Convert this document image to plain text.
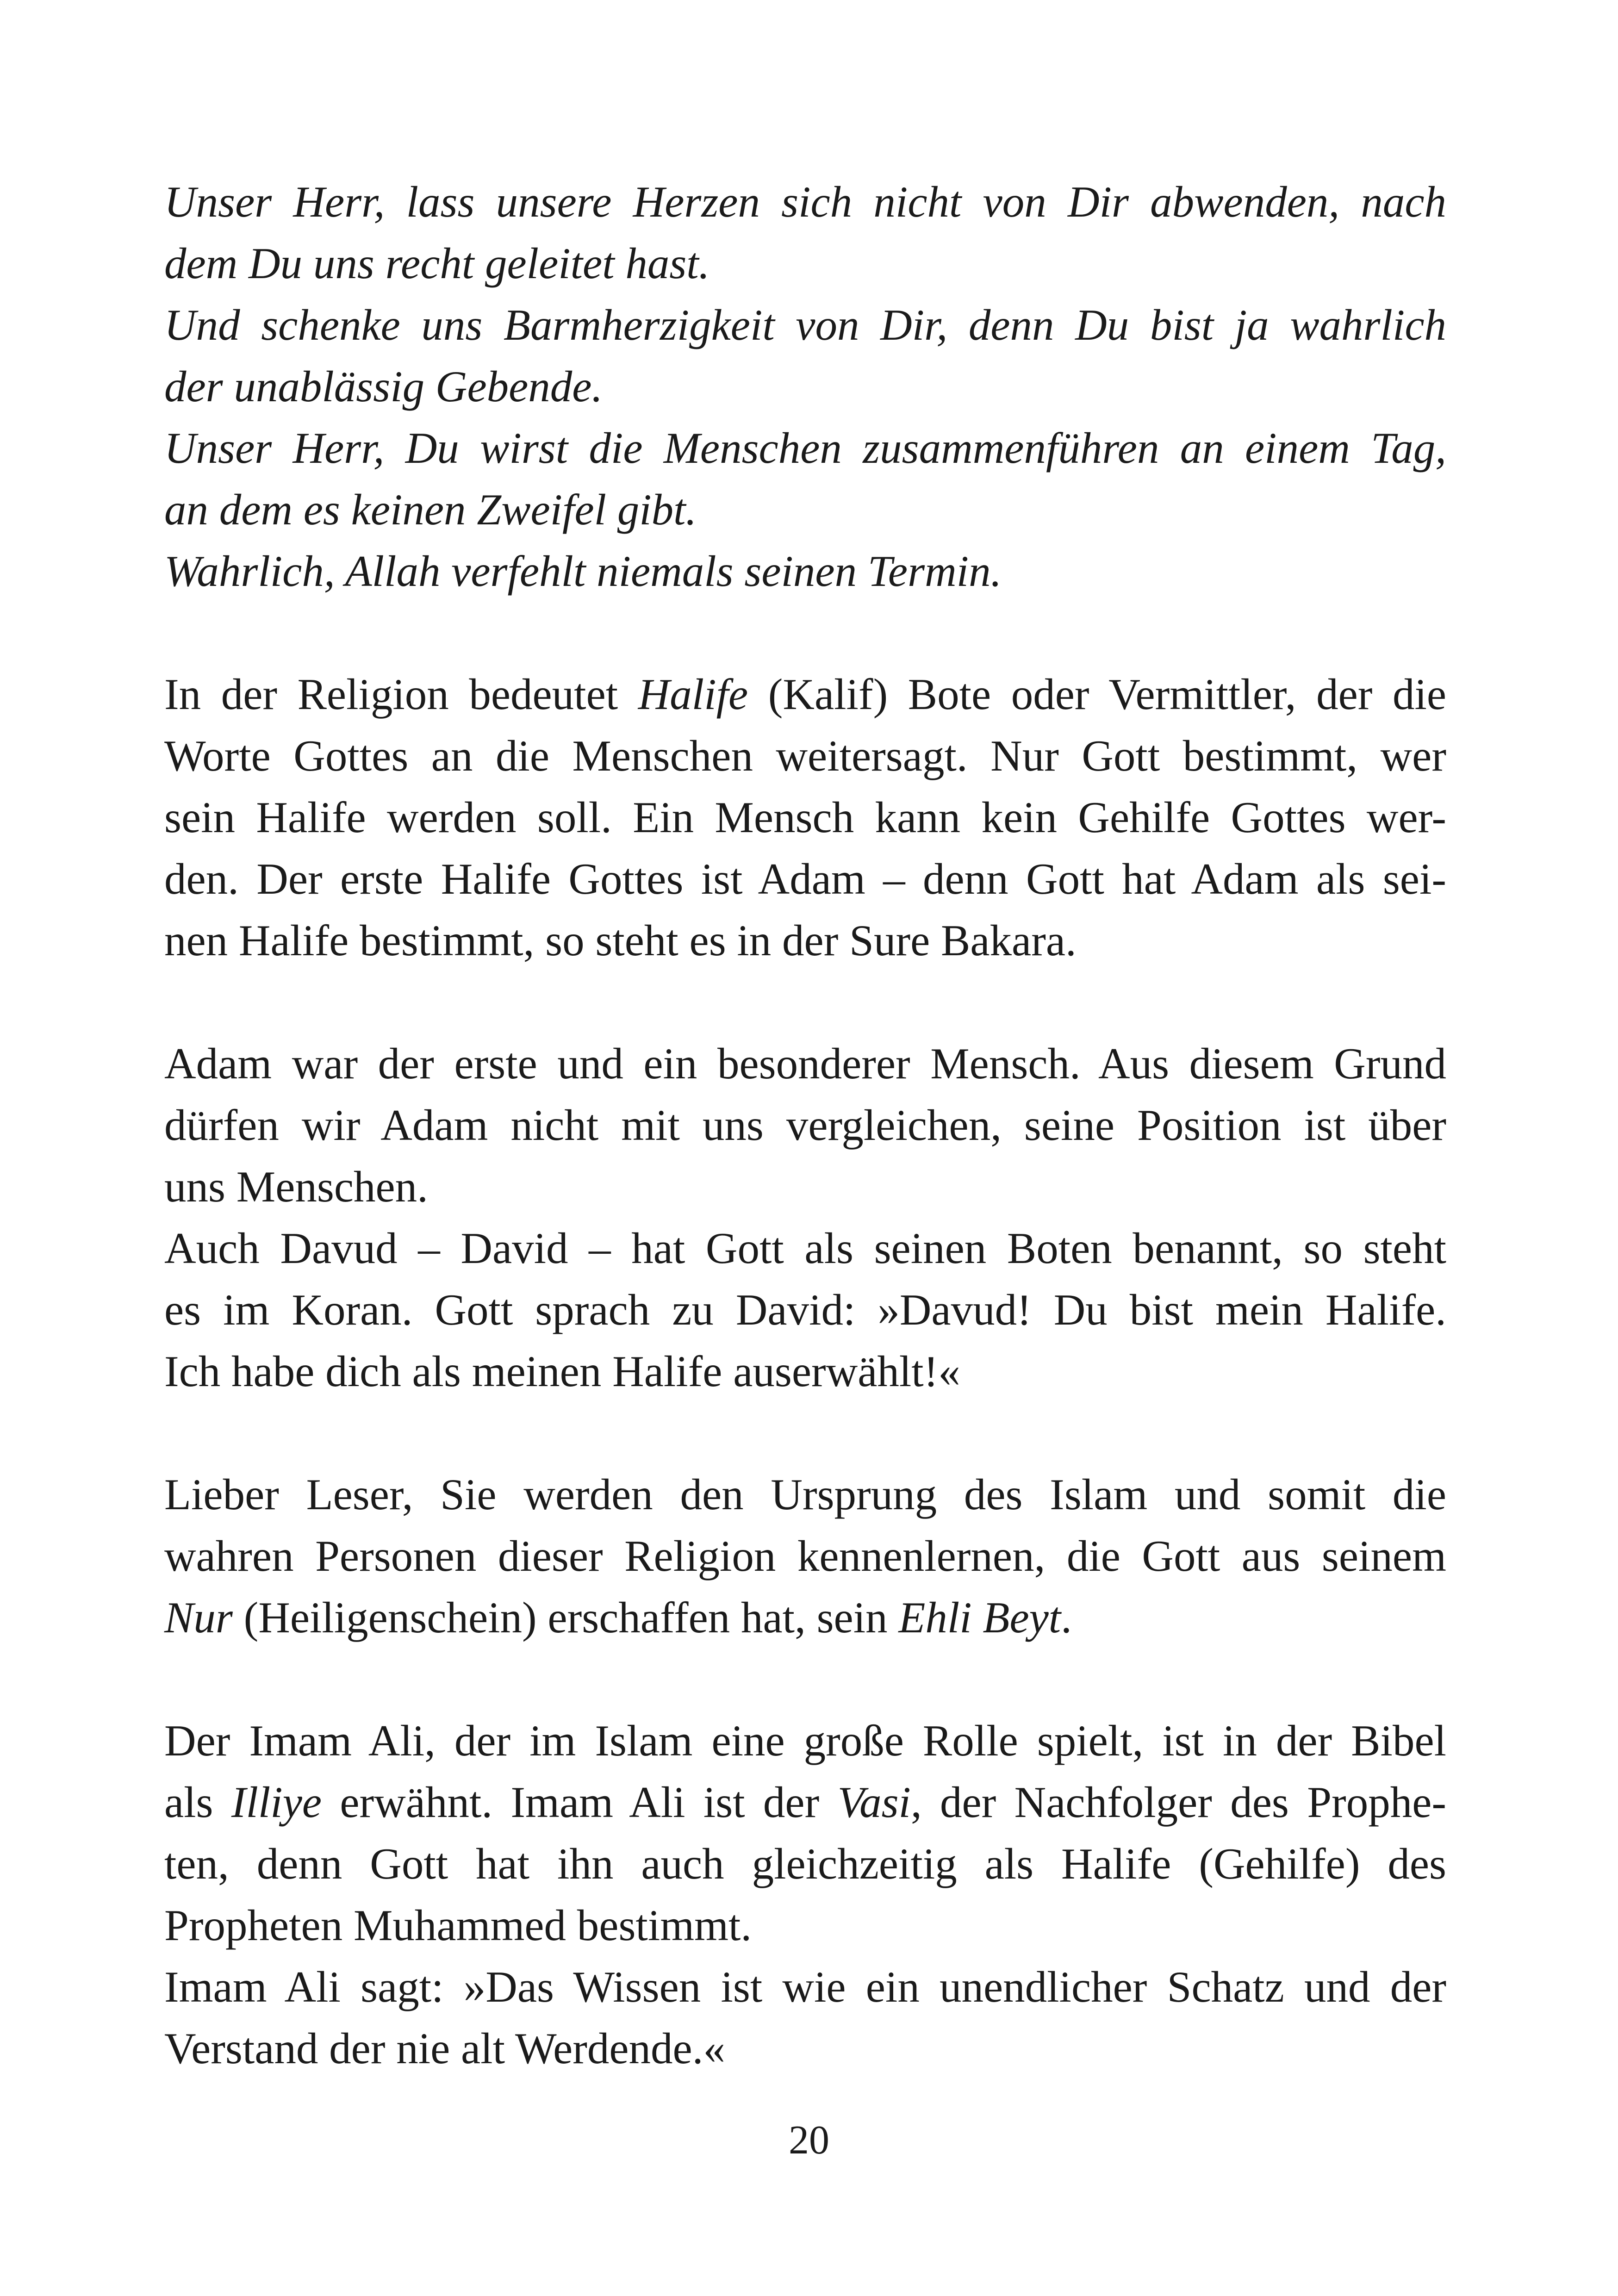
Unser Herr, lass unsere Herzen sich nicht von Dir abwenden, nach
dem Du uns recht geleitet hast.
Und schenke uns Barmherzigkeit von Dir, denn Du bist ja wahrlich
der unablässig Gebende.
Unser Herr, Du wirst die Menschen zusammenführen an einem Tag,
an dem es keinen Zweifel gibt.
Wahrlich, Allah verfehlt niemals seinen Termin.
In der Religion bedeutet Halife (Kalif) Bote oder Vermittler, der die
Worte Gottes an die Menschen weitersagt. Nur Gott bestimmt, wer
sein Halife werden soll. Ein Mensch kann kein Gehilfe Gottes wer-
den. Der erste Halife Gottes ist Adam – denn Gott hat Adam als sei-
nen Halife bestimmt, so steht es in der Sure Bakara.
Adam war der erste und ein besonderer Mensch. Aus diesem Grund
dürfen wir Adam nicht mit uns vergleichen, seine Position ist über
uns Menschen.
Auch Davud – David – hat Gott als seinen Boten benannt, so steht
es im Koran. Gott sprach zu David: »Davud! Du bist mein Halife.
Ich habe dich als meinen Halife auserwählt!«
Lieber Leser, Sie werden den Ursprung des Islam und somit die
wahren Personen dieser Religion kennenlernen, die Gott aus seinem
Nur (Heiligenschein) erschaffen hat, sein Ehli Beyt.
Der Imam Ali, der im Islam eine große Rolle spielt, ist in der Bibel
als Illiye erwähnt. Imam Ali ist der Vasi, der Nachfolger des Prophe-
ten, denn Gott hat ihn auch gleichzeitig als Halife (Gehilfe) des
Propheten Muhammed bestimmt.
Imam Ali sagt: »Das Wissen ist wie ein unendlicher Schatz und der
Verstand der nie alt Werdende.«
20
